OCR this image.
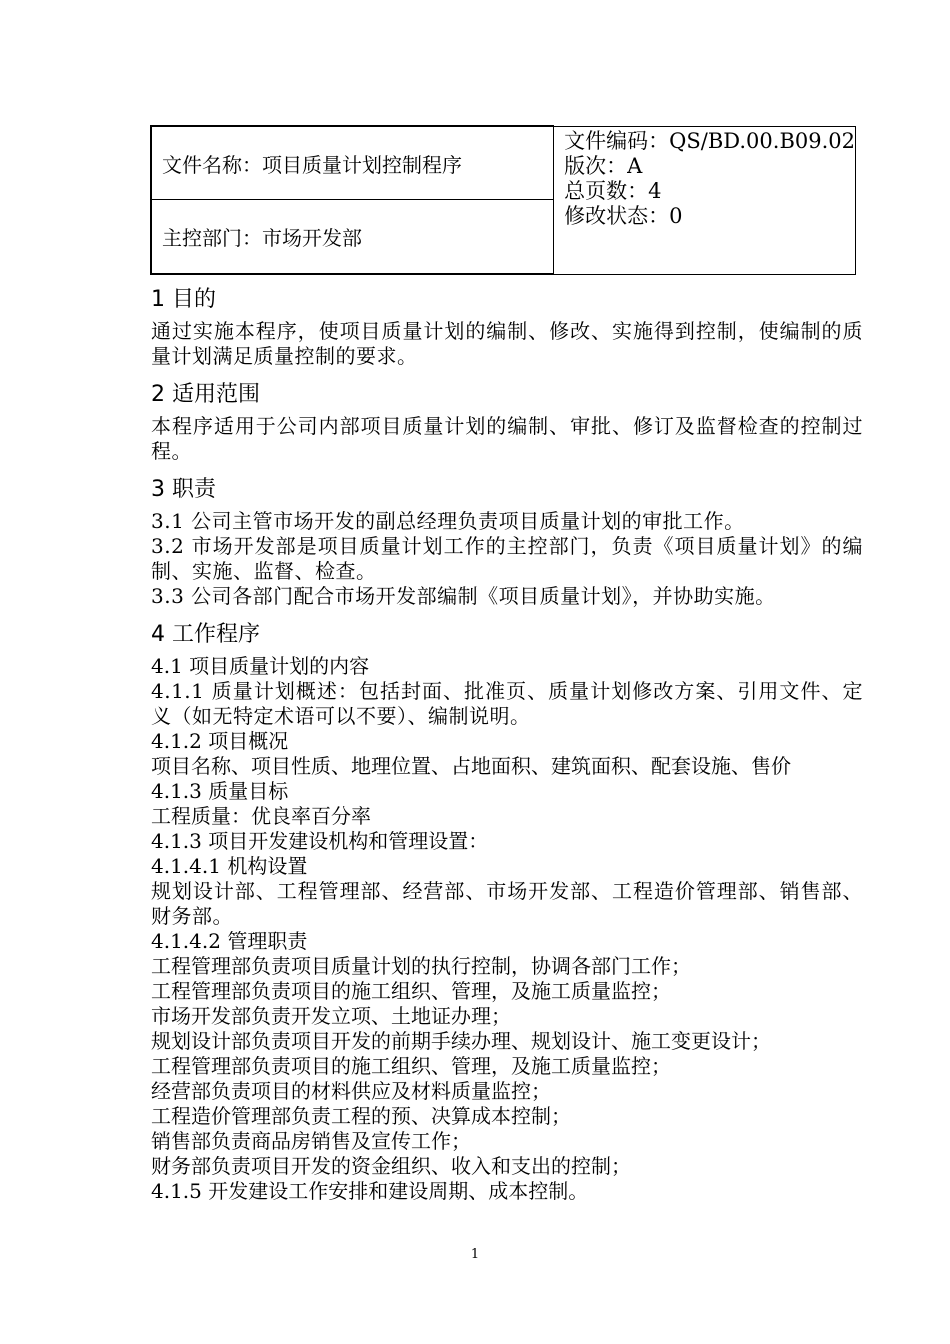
文件名称：项目质量计划控制程序	
文件编码：QS/BD.00.B09.02
版次：A
总页数：4
修改状态：0

主控部门：市场开发部
1 目的

通过实施本程序，使项目质量计划的编制、修改、实施得到控制，使编制的质量计划满足质量控制的要求。

2 适用范围

本程序适用于公司内部项目质量计划的编制、审批、修订及监督检查的控制过程。

3 职责

3.1 公司主管市场开发的副总经理负责项目质量计划的审批工作。

3.2 市场开发部是项目质量计划工作的主控部门，负责《项目质量计划》的编制、实施、监督、检查。

3.3 公司各部门配合市场开发部编制《项目质量计划》，并协助实施。

4 工作程序

4.1 项目质量计划的内容

4.1.1 质量计划概述：包括封面、批准页、质量计划修改方案、引用文件、定义（如无特定术语可以不要）、编制说明。

4.1.2 项目概况

项目名称、项目性质、地理位置、占地面积、建筑面积、配套设施、售价

4.1.3 质量目标

工程质量：优良率百分率

4.1.3 项目开发建设机构和管理设置：

4.1.4.1 机构设置

规划设计部、工程管理部、经营部、市场开发部、工程造价管理部、销售部、财务部。

4.1.4.2 管理职责

工程管理部负责项目质量计划的执行控制，协调各部门工作；

工程管理部负责项目的施工组织、管理，及施工质量监控；

市场开发部负责开发立项、土地证办理；

规划设计部负责项目开发的前期手续办理、规划设计、施工变更设计；

工程管理部负责项目的施工组织、管理，及施工质量监控；

经营部负责项目的材料供应及材料质量监控；

工程造价管理部负责工程的预、决算成本控制；

销售部负责商品房销售及宣传工作；

财务部负责项目开发的资金组织、收入和支出的控制；

4.1.5 开发建设工作安排和建设周期、成本控制。

1
